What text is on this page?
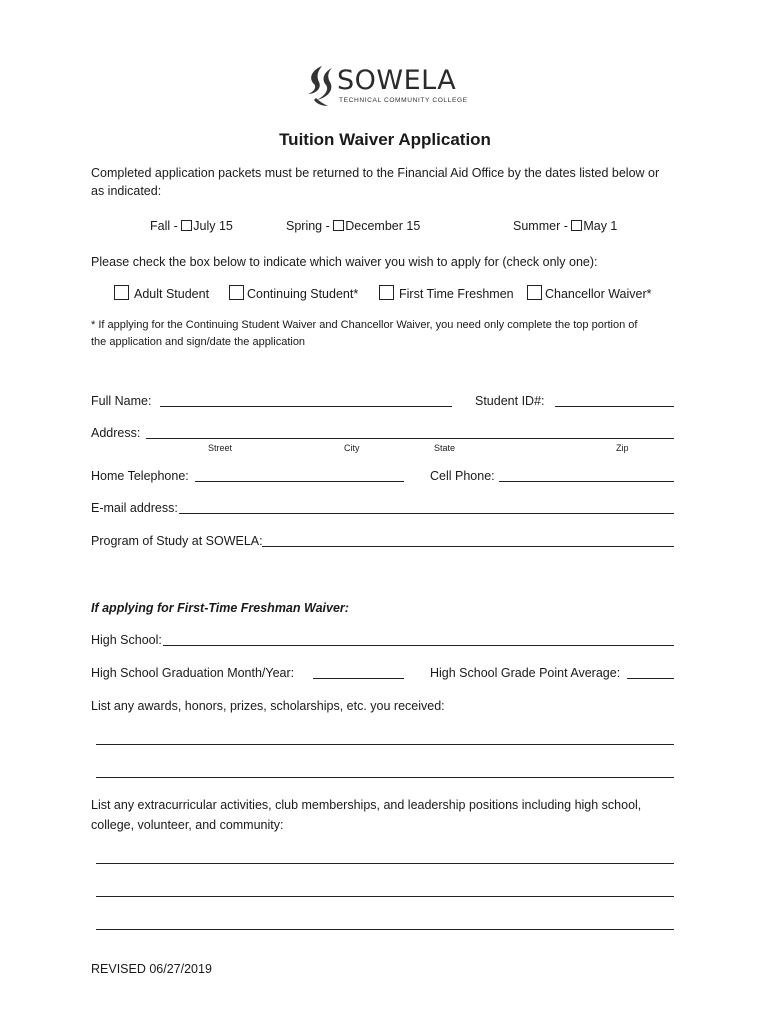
SOWELA
TECHNICAL COMMUNITY COLLEGE
Tuition Waiver Application
Completed application packets must be returned to the Financial Aid Office by the dates listed below or
as indicated:
Fall - July 15	Spring - December 15	Summer - May 1
Please check the box below to indicate which waiver you wish to apply for (check only one):
Adult Student	Continuing Student*	First Time Freshmen	Chancellor Waiver*
* If applying for the Continuing Student Waiver and Chancellor Waiver, you need only complete the top portion of
the application and sign/date the application
Full Name:	Student ID#:
Address:
Street	City	State	Zip
Home Telephone:	Cell Phone:
E-mail address:
Program of Study at SOWELA:
If applying for First-Time Freshman Waiver:
High School:
High School Graduation Month/Year:	High School Grade Point Average:
List any awards, honors, prizes, scholarships, etc. you received:
List any extracurricular activities, club memberships, and leadership positions including high school,
college, volunteer, and community:
REVISED 06/27/2019
